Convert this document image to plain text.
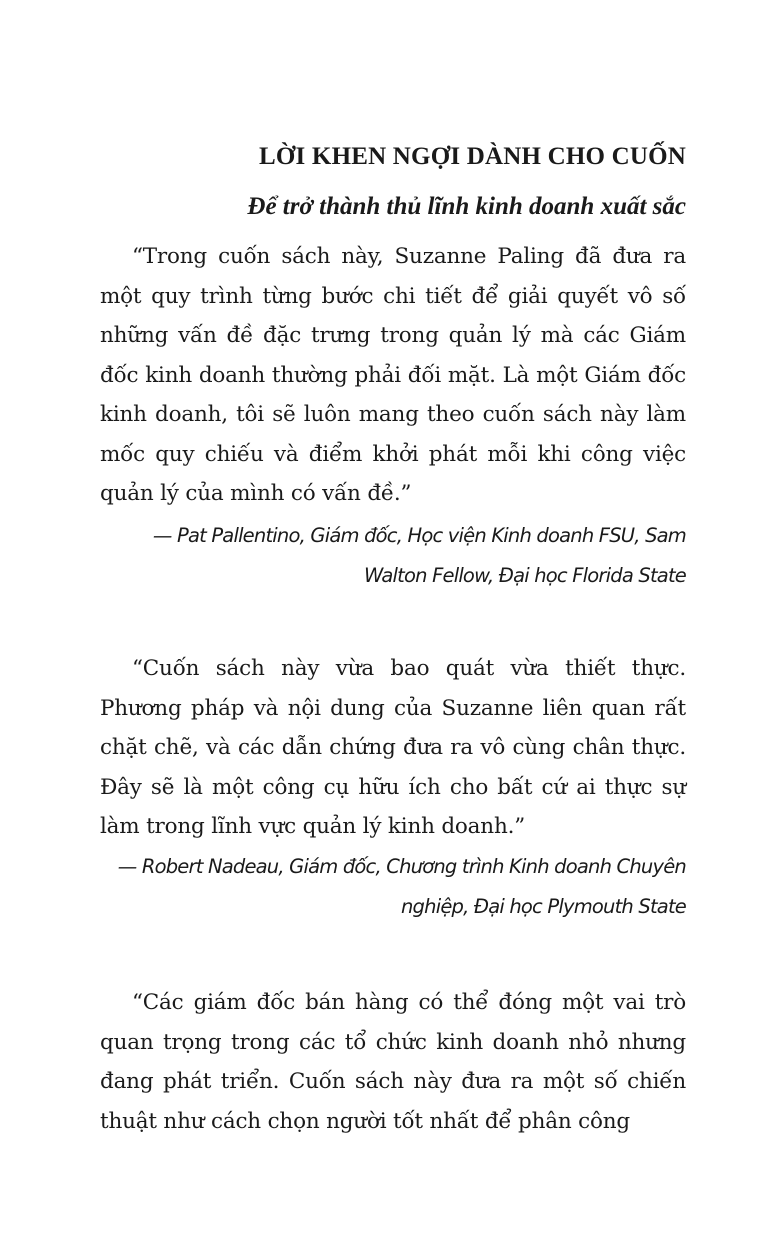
LỜI KHEN NGỢI DÀNH CHO CUỐN
Để trở thành thủ lĩnh kinh doanh xuất sắc

“Trong cuốn sách này, Suzanne Paling đã đưa ra một quy trình từng bước chi tiết để giải quyết vô số những vấn đề đặc trưng trong quản lý mà các Giám đốc kinh doanh thường phải đối mặt. Là một Giám đốc kinh doanh, tôi sẽ luôn mang theo cuốn sách này làm mốc quy chiếu và điểm khởi phát mỗi khi công việc quản lý của mình có vấn đề.”

— Pat Pallentino, Giám đốc, Học viện Kinh doanh FSU, Sam Walton Fellow, Đại học Florida State

“Cuốn sách này vừa bao quát vừa thiết thực. Phương pháp và nội dung của Suzanne liên quan rất chặt chẽ, và các dẫn chứng đưa ra vô cùng chân thực. Đây sẽ là một công cụ hữu ích cho bất cứ ai thực sự làm trong lĩnh vực quản lý kinh doanh.”

— Robert Nadeau, Giám đốc, Chương trình Kinh doanh Chuyên nghiệp, Đại học Plymouth State

“Các giám đốc bán hàng có thể đóng một vai trò quan trọng trong các tổ chức kinh doanh nhỏ nhưng đang phát triển. Cuốn sách này đưa ra một số chiến thuật như cách chọn người tốt nhất để phân công
